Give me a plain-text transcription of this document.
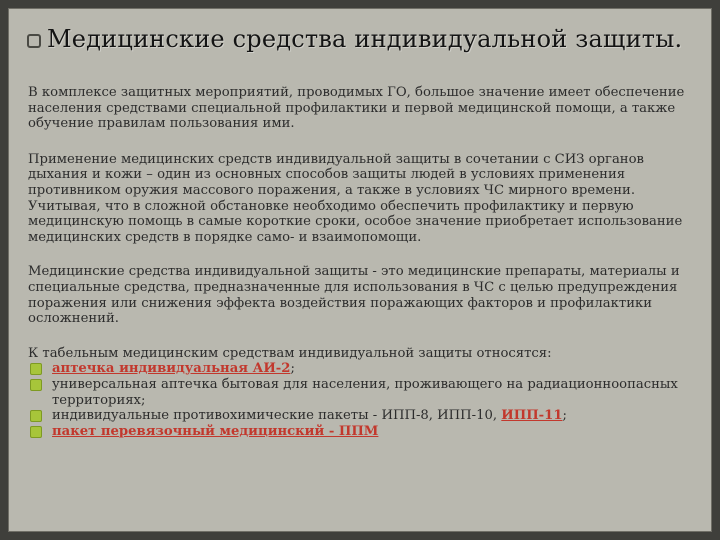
Медицинские средства индивидуальной защиты.

В комплексе защитных мероприятий, проводимых ГО, большое значение имеет обеспечение населения средствами специальной профилактики и первой медицинской помощи, а также обучение правилам пользования ими.

Применение медицинских средств индивидуальной защиты в сочетании с СИЗ органов дыхания и кожи – один из основных способов защиты людей в условиях применения противником оружия массового поражения, а также в условиях ЧС мирного времени. Учитывая, что в сложной обстановке необходимо обеспечить профилактику и первую медицинскую помощь в самые короткие сроки, особое значение приобретает использование медицинских средств в порядке само- и взаимопомощи.

Медицинские средства индивидуальной защиты - это медицинские препараты, материалы и специальные средства, предназначенные для использования в ЧС с целью предупреждения поражения или снижения эффекта воздействия поражающих факторов и профилактики осложнений.

К табельным медицинским средствам индивидуальной защиты относятся:
аптечка индивидуальная АИ-2;
универсальная аптечка бытовая для населения, проживающего на радиационноопасных территориях;
индивидуальные противохимические пакеты - ИПП-8, ИПП-10, ИПП-11;
пакет перевязочный медицинский - ППМ
